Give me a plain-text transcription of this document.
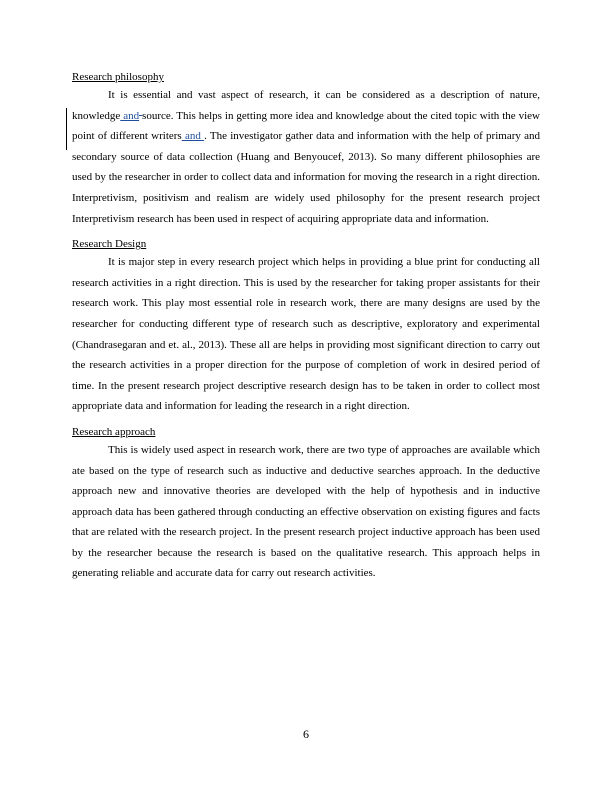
Research philosophy

It is essential and vast aspect of research, it can be considered as a description of nature, knowledge and source. This helps in getting more idea and knowledge about the cited topic with the view point of different writers and . The investigator gather data and information with the help of primary and secondary source of data collection (Huang and Benyoucef, 2013). So many different philosophies are used by the researcher in order to collect data and information for moving the research in a right direction. Interpretivism, positivism and realism are widely used philosophy for the present research project Interpretivism research has been used in respect of acquiring appropriate data and information.

Research Design

It is major step in every research project which helps in providing a blue print for conducting all research activities in a right direction. This is used by the researcher for taking proper assistants for their research work. This play most essential role in research work, there are many designs are used by the researcher for conducting different type of research such as descriptive, exploratory and experimental (Chandrasegaran and et. al., 2013). These all are helps in providing most significant direction to carry out the research activities in a proper direction for the purpose of completion of work in desired period of time. In the present research project descriptive research design has to be taken in order to collect most appropriate data and information for leading the research in a right direction.

Research approach

This is widely used aspect in research work, there are two type of approaches are available which ate based on the type of research such as inductive and deductive searches approach. In the deductive approach new and innovative theories are developed with the help of hypothesis and in inductive approach data has been gathered through conducting an effective observation on existing figures and facts that are related with the research project. In the present research project inductive approach has been used by the researcher because the research is based on the qualitative research. This approach helps in generating reliable and accurate data for carry out research activities.

6
